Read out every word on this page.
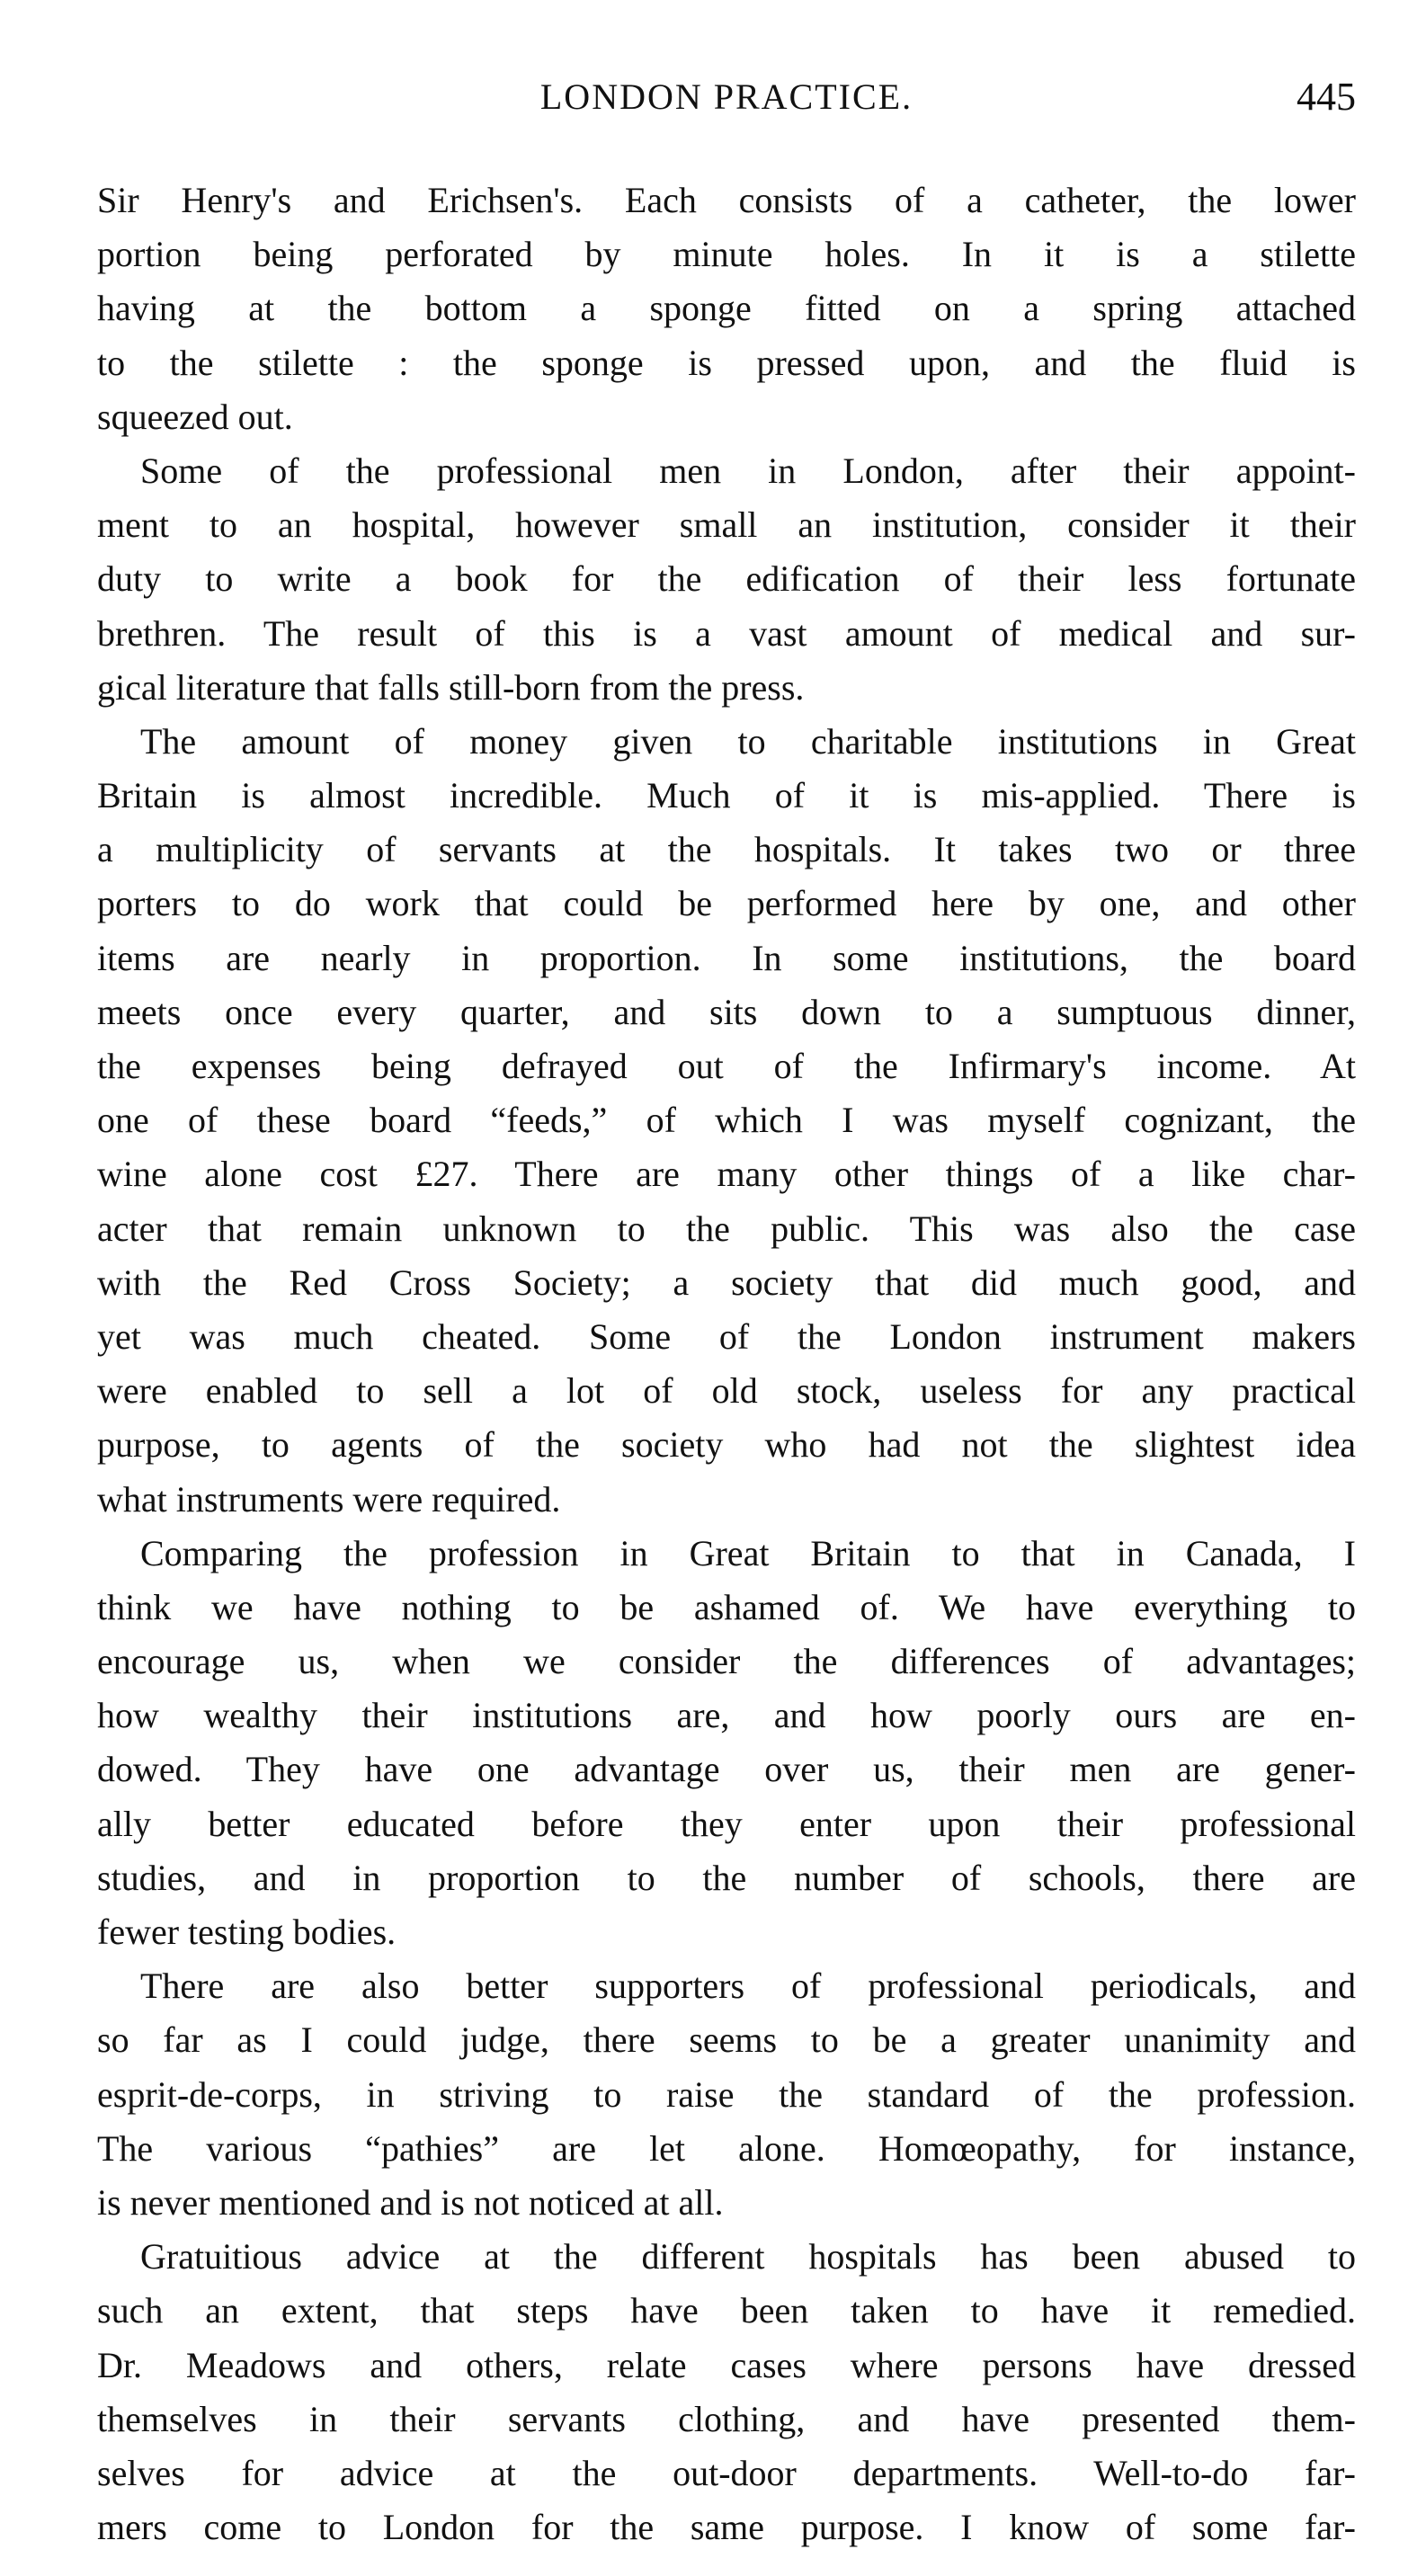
LONDON PRACTICE.	445
Sir Henry's and Erichsen's. Each consists of a catheter, the lower
portion being perforated by minute holes. In it is a stilette
having at the bottom a sponge fitted on a spring attached
to the stilette : the sponge is pressed upon, and the fluid is
squeezed out.
Some of the professional men in London, after their appoint-
ment to an hospital, however small an institution, consider it their
duty to write a book for the edification of their less fortunate
brethren. The result of this is a vast amount of medical and sur-
gical literature that falls still-born from the press.
The amount of money given to charitable institutions in Great
Britain is almost incredible. Much of it is mis-applied. There is
a multiplicity of servants at the hospitals. It takes two or three
porters to do work that could be performed here by one, and other
items are nearly in proportion. In some institutions, the board
meets once every quarter, and sits down to a sumptuous dinner,
the expenses being defrayed out of the Infirmary's income. At
one of these board “feeds,” of which I was myself cognizant, the
wine alone cost £27. There are many other things of a like char-
acter that remain unknown to the public. This was also the case
with the Red Cross Society; a society that did much good, and
yet was much cheated. Some of the London instrument makers
were enabled to sell a lot of old stock, useless for any practical
purpose, to agents of the society who had not the slightest idea
what instruments were required.
Comparing the profession in Great Britain to that in Canada, I
think we have nothing to be ashamed of. We have everything to
encourage us, when we consider the differences of advantages;
how wealthy their institutions are, and how poorly ours are en-
dowed. They have one advantage over us, their men are gener-
ally better educated before they enter upon their professional
studies, and in proportion to the number of schools, there are
fewer testing bodies.
There are also better supporters of professional periodicals, and
so far as I could judge, there seems to be a greater unanimity and
esprit-de-corps, in striving to raise the standard of the profession.
The various “pathies” are let alone. Homœopathy, for instance,
is never mentioned and is not noticed at all.
Gratuitious advice at the different hospitals has been abused to
such an extent, that steps have been taken to have it remedied.
Dr. Meadows and others, relate cases where persons have dressed
themselves in their servants clothing, and have presented them-
selves for advice at the out-door departments. Well-to-do far-
mers come to London for the same purpose. I know of some far-
